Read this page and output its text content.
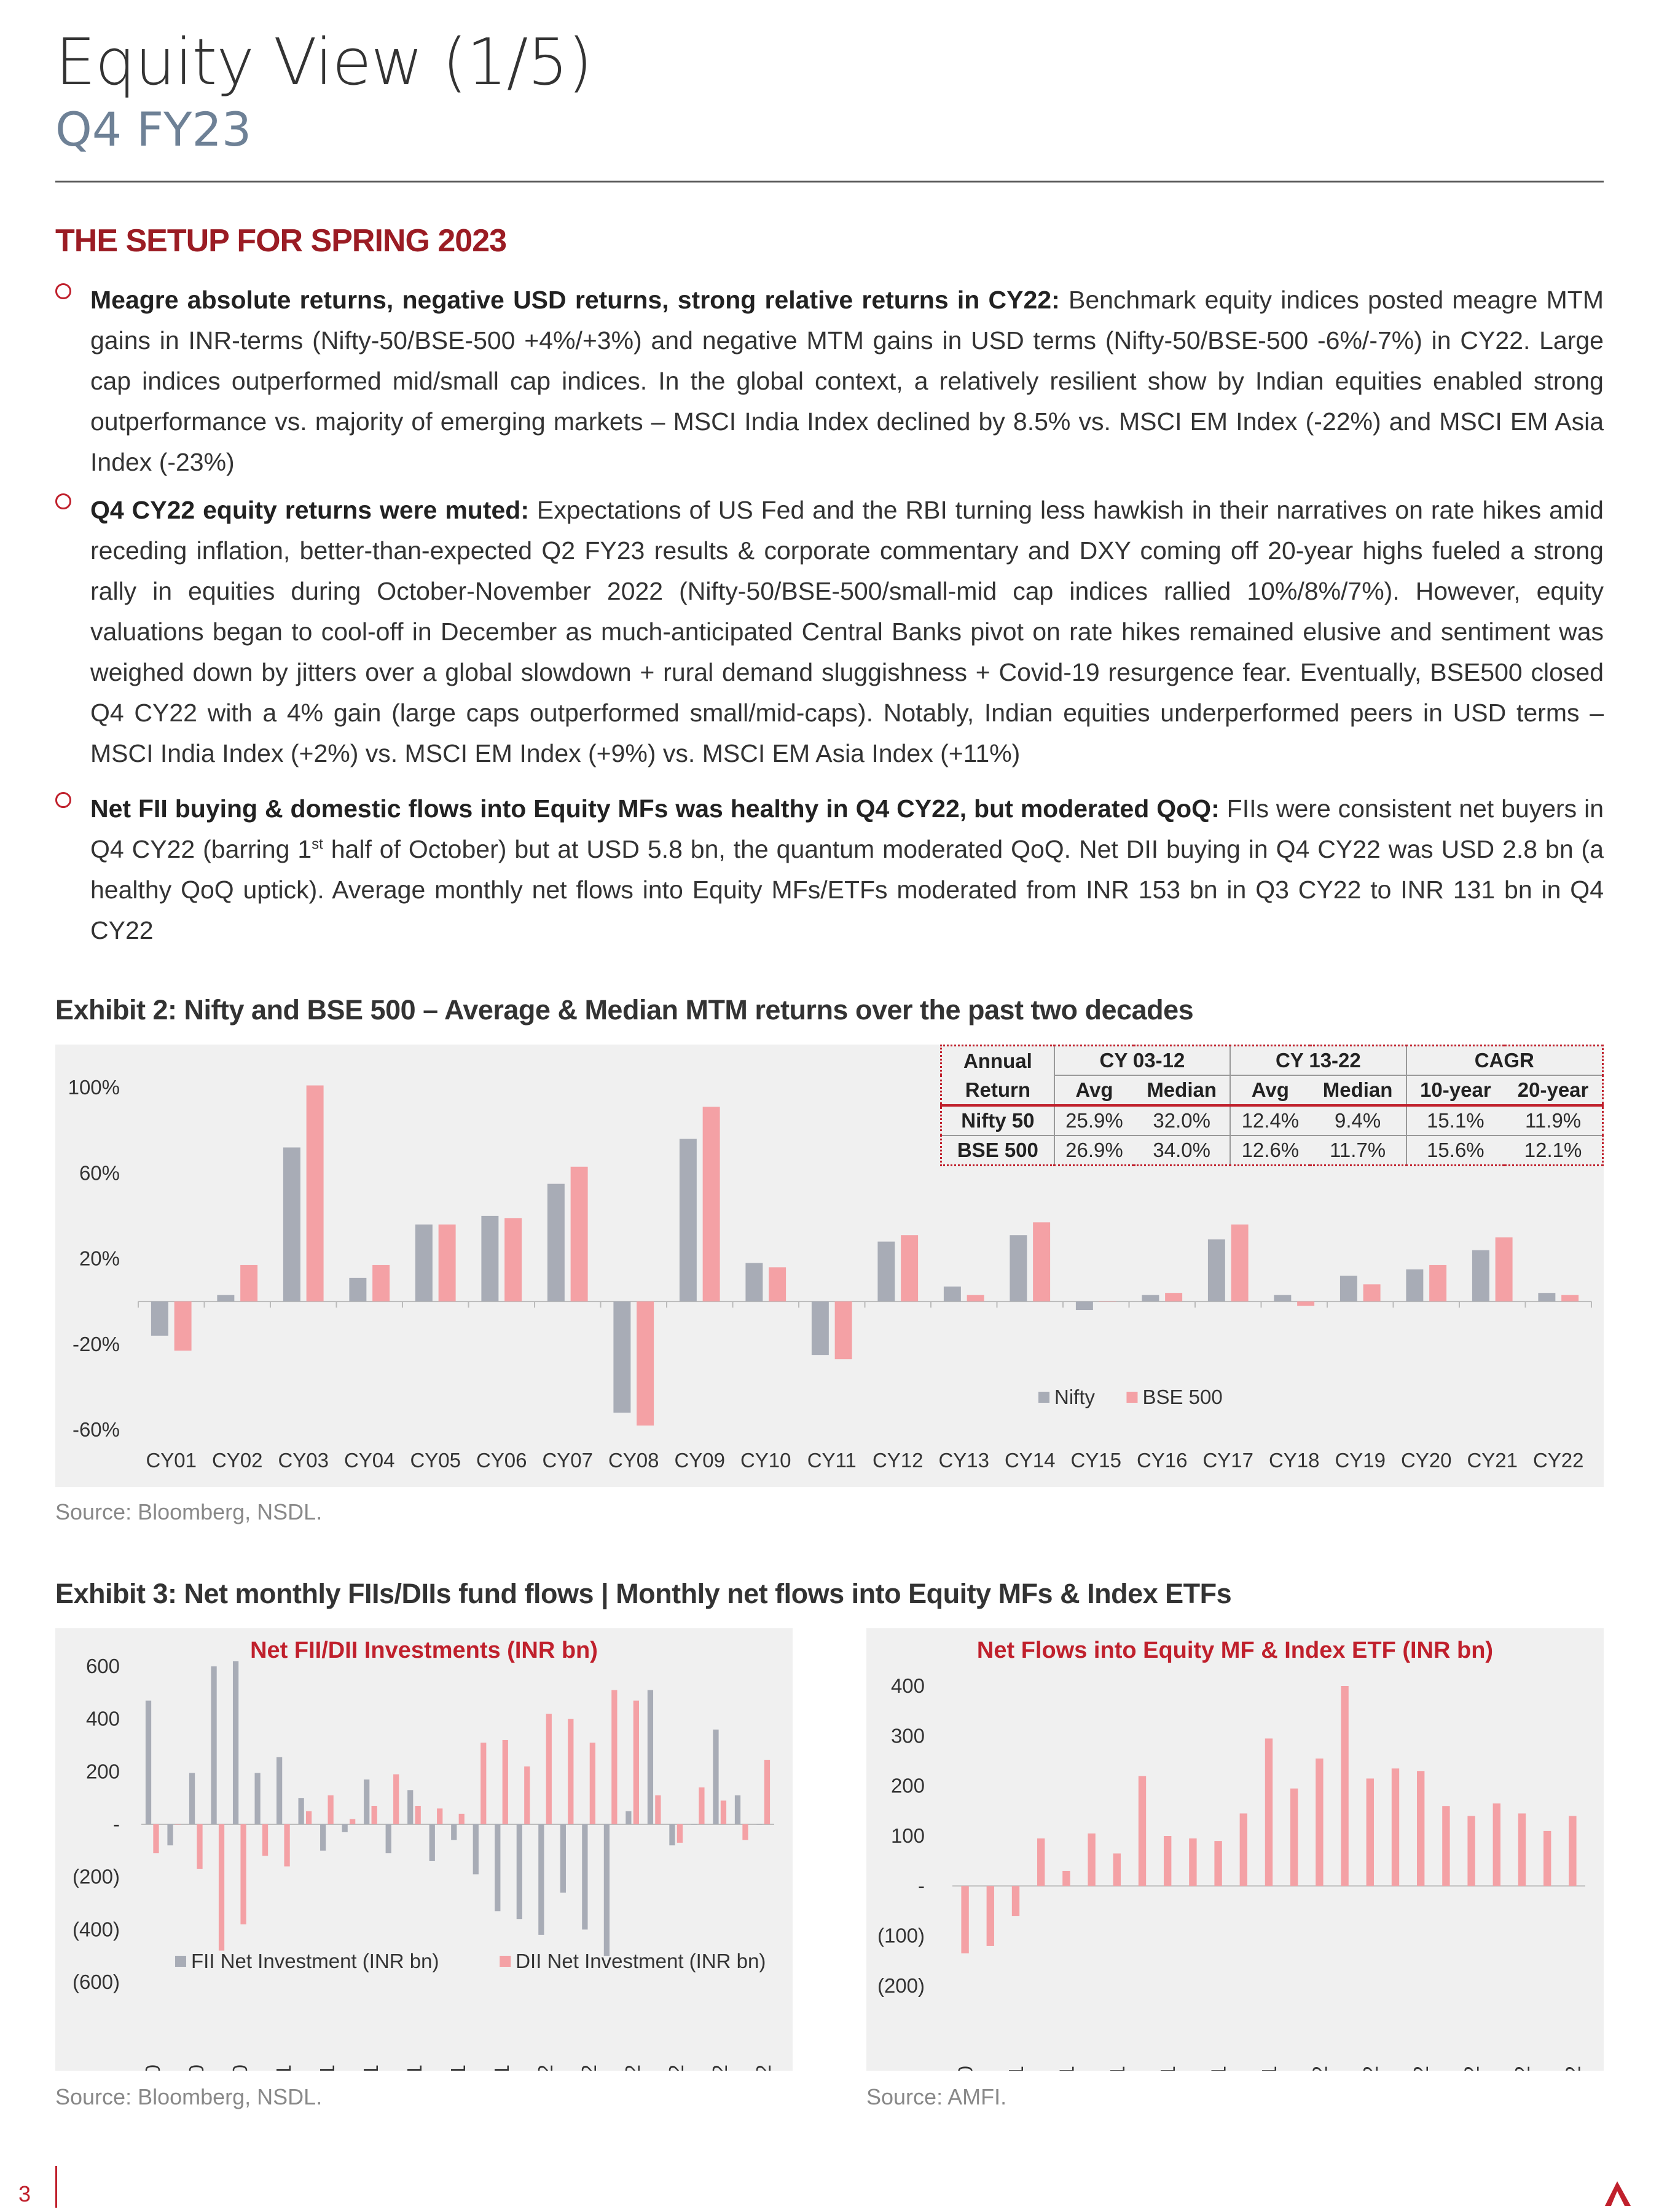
Equity View (1/5)
Q4 FY23
THE SETUP FOR SPRING 2023

Meagre absolute returns, negative USD returns, strong relative returns in CY22: Benchmark equity indices posted meagre MTM gains in INR-terms (Nifty-50/BSE-500 +4%/+3%) and negative MTM gains in USD terms (Nifty-50/BSE-500 -6%/-7%) in CY22. Large cap indices outperformed mid/small cap indices. In the global context, a relatively resilient show by Indian equities enabled strong outperformance vs. majority of emerging markets – MSCI India Index declined by 8.5% vs. MSCI EM Index (-22%) and MSCI EM Asia Index (-23%)

Q4 CY22 equity returns were muted: Expectations of US Fed and the RBI turning less hawkish in their narratives on rate hikes amid receding inflation, better-than-expected Q2 FY23 results & corporate commentary and DXY coming off 20-year highs fueled a strong rally in equities during October-November 2022 (Nifty-50/BSE-500/small-mid cap indices rallied 10%/8%/7%). However, equity valuations began to cool-off in December as much-anticipated Central Banks pivot on rate hikes remained elusive and sentiment was weighed down by jitters over a global slowdown + rural demand sluggishness + Covid-19 resurgence fear. Eventually, BSE500 closed Q4 CY22 with a 4% gain (large caps outperformed small/mid-caps). Notably, Indian equities underperformed peers in USD terms – MSCI India Index (+2%) vs. MSCI EM Index (+9%) vs. MSCI EM Asia Index (+11%)

Net FII buying & domestic flows into Equity MFs was healthy in Q4 CY22, but moderated QoQ: FIIs were consistent net buyers in Q4 CY22 (barring 1st half of October) but at USD 5.8 bn, the quantum moderated QoQ. Net DII buying in Q4 CY22 was USD 2.8 bn (a healthy QoQ uptick). Average monthly net flows into Equity MFs/ETFs moderated from INR 153 bn in Q3 CY22 to INR 131 bn in Q4 CY22

Exhibit 2: Nifty and BSE 500 – Average & Median MTM returns over the past two decades
100%
60%
20%
-20%
-60%
CY01 CY02 CY03 CY04 CY05 CY06 CY07 CY08 CY09 CY10 CY11 CY12 CY13 CY14 CY15 CY16 CY17 CY18 CY19 CY20 CY21 CY22
Nifty BSE 500
Annual	CY 03-12		CY 13-22		CAGR	
Return	Avg	Median	Avg	Median	10-year	20-year
Nifty 50	25.9%	32.0%	12.4%	9.4%	15.1%	11.9%
BSE 500	26.9%	34.0%	12.6%	11.7%	15.6%	12.1%
Source: Bloomberg, NSDL.
Exhibit 3: Net monthly FIIs/DIIs fund flows | Monthly net flows into Equity MFs & Index ETFs
600
400
200
-
(200)
(400)
(600)
Net FII/DII Investments (INR bn)
FII Net Investment (INR bn)	DII Net Investment (INR bn)
400
300
200
100
-
(100)
(200)
Net Flows into Equity MF & Index ETF (INR bn)
Source: Bloomberg, NSDL.	Source: AMFI.
3
